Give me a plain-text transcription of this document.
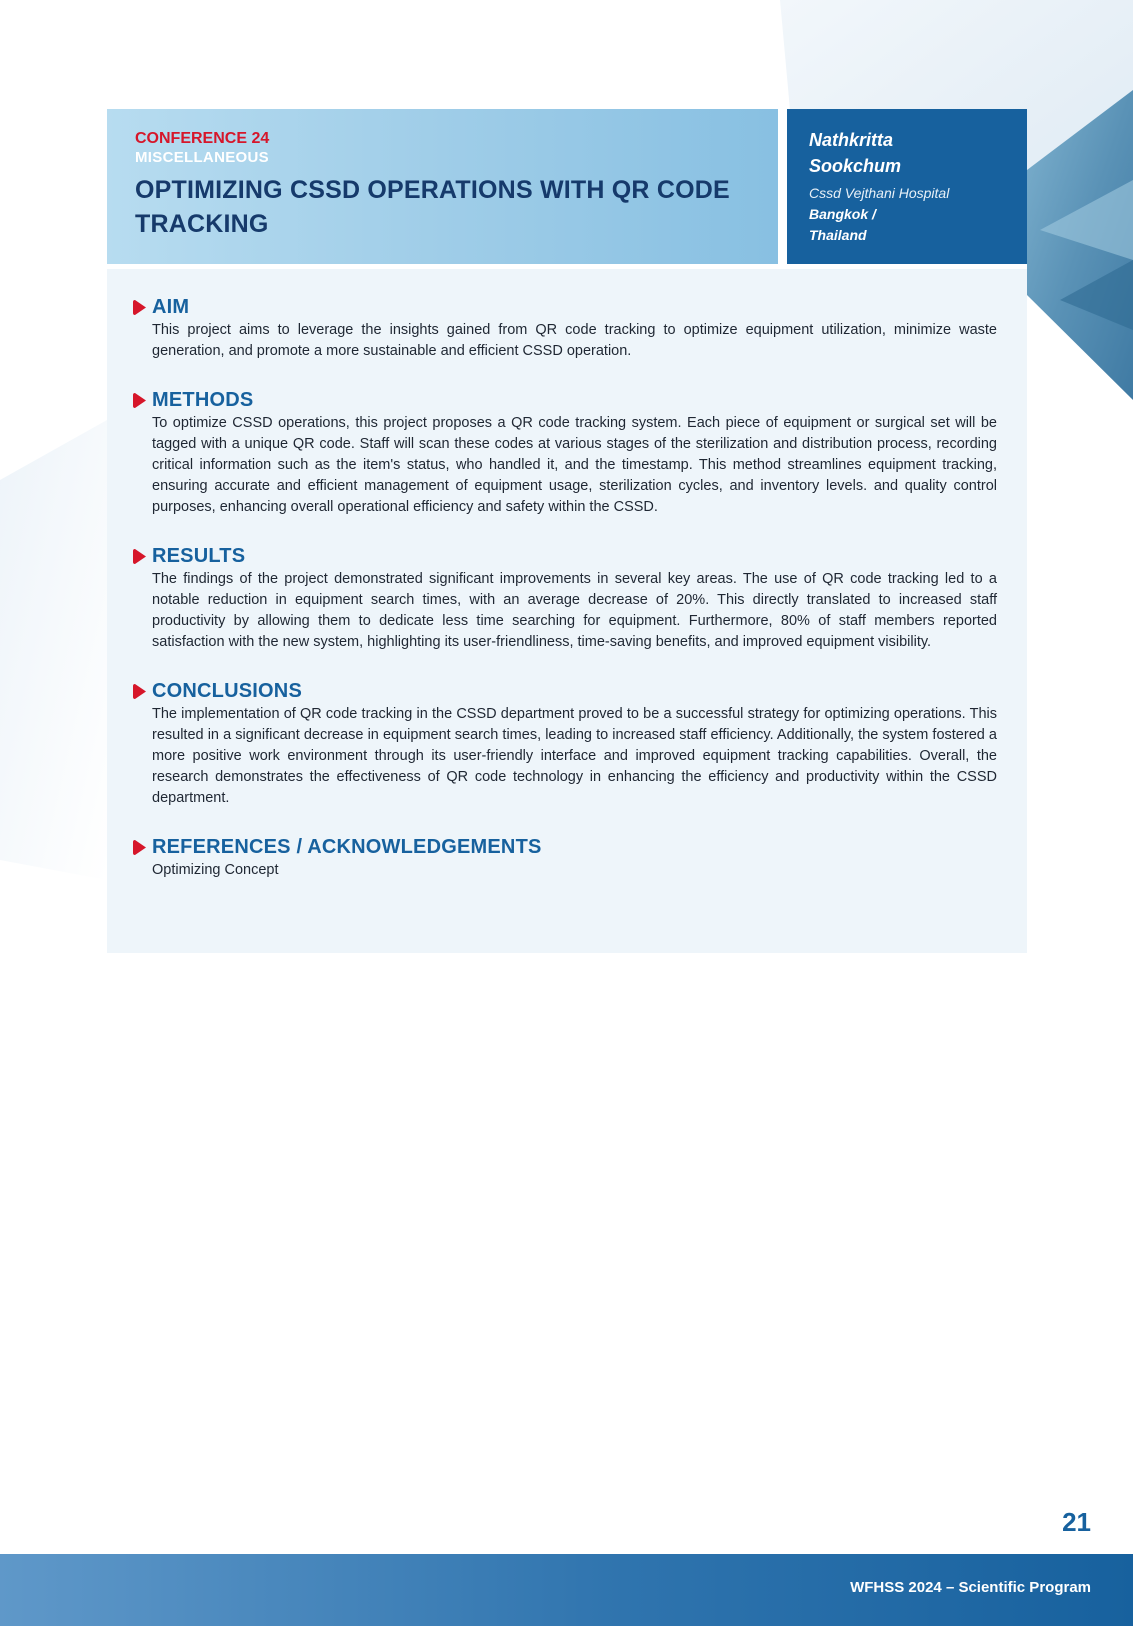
CONFERENCE 24
MISCELLANEOUS
OPTIMIZING CSSD OPERATIONS WITH QR CODE TRACKING
Nathkritta
Sookchum
Cssd Vejthani Hospital
Bangkok /
Thailand
AIM

This project aims to leverage the insights gained from QR code tracking to optimize equipment utilization, minimize waste generation, and promote a more sustainable and efficient CSSD operation.

METHODS

To optimize CSSD operations, this project proposes a QR code tracking system. Each piece of equipment or surgical set will be tagged with a unique QR code. Staff will scan these codes at various stages of the sterilization and distribution process, recording critical information such as the item's status, who handled it, and the timestamp. This method streamlines equipment tracking, ensuring accurate and efficient management of equipment usage, sterilization cycles, and inventory levels. and quality control purposes, enhancing overall operational efficiency and safety within the CSSD.

RESULTS

The findings of the project demonstrated significant improvements in several key areas. The use of QR code tracking led to a notable reduction in equipment search times, with an average decrease of 20%. This directly translated to increased staff productivity by allowing them to dedicate less time searching for equipment. Furthermore, 80% of staff members reported satisfaction with the new system, highlighting its user-friendliness, time-saving benefits, and improved equipment visibility.

CONCLUSIONS

The implementation of QR code tracking in the CSSD department proved to be a successful strategy for optimizing operations. This resulted in a significant decrease in equipment search times, leading to increased staff efficiency. Additionally, the system fostered a more positive work environment through its user-friendly interface and improved equipment tracking capabilities. Overall, the research demonstrates the effectiveness of QR code technology in enhancing the efficiency and productivity within the CSSD department.

REFERENCES / ACKNOWLEDGEMENTS

Optimizing Concept

21
WFHSS 2024 – Scientific Program
